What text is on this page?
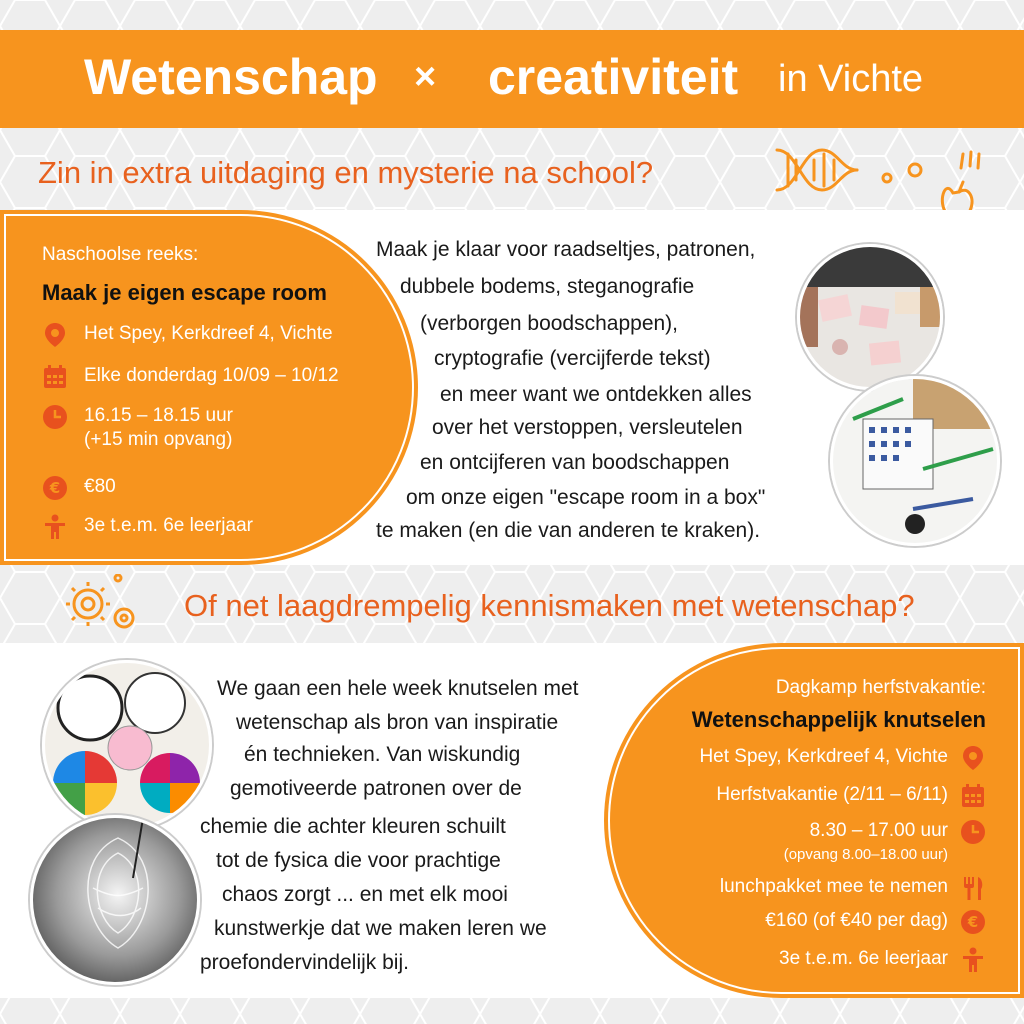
Wetenschap × creativiteit in Vichte
Zin in extra uitdaging en mysterie na school?
Naschoolse reeks:
Maak je eigen escape room
Het Spey, Kerkdreef 4, Vichte
Elke donderdag 10/09 – 10/12
16.15 – 18.15 uur
(+15 min opvang)
€ €80
3e t.e.m. 6e leerjaar
Maak je klaar voor raadseltjes, patronen,
dubbele bodems, steganografie
(verborgen boodschappen),
cryptografie (vercijferde tekst)
en meer want we ontdekken alles
over het verstoppen, versleutelen
en ontcijferen van boodschappen
om onze eigen "escape room in a box"
te maken (en die van anderen te kraken).
Of net laagdrempelig kennismaken met wetenschap?
We gaan een hele week knutselen met
wetenschap als bron van inspiratie
én technieken. Van wiskundig
gemotiveerde patronen over de
chemie die achter kleuren schuilt
tot de fysica die voor prachtige
chaos zorgt ... en met elk mooi
kunstwerkje dat we maken leren we
proefondervindelijk bij.
Dagkamp herfstvakantie:
Wetenschappelijk knutselen
Het Spey, Kerkdreef 4, Vichte
Herfstvakantie (2/11 – 6/11)
8.30 – 17.00 uur
(opvang 8.00–18.00 uur)
lunchpakket mee te nemen
€160 (of €40 per dag) €
3e t.e.m. 6e leerjaar
